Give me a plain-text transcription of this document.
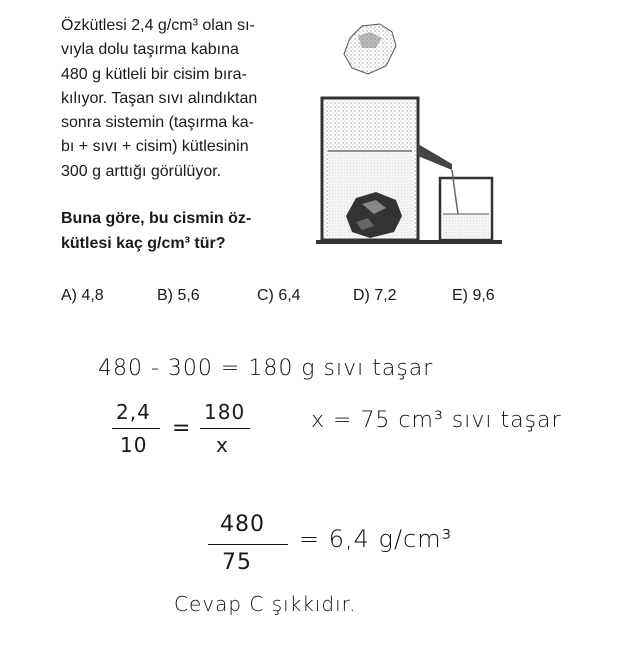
Özkütlesi 2,4 g/cm³ olan sı-
vıyla dolu taşırma kabına
480 g kütleli bir cisim bıra-
kılıyor. Taşan sıvı alındıktan
sonra sistemin (taşırma ka-
bı + sıvı + cisim) kütlesinin
300 g arttığı görülüyor.
Buna göre, bu cismin öz-
kütlesi kaç g/cm³ tür?
A) 4,8	B) 5,6	C) 6,4	D) 7,2	E) 9,6
480 - 300 = 180 g sıvı taşar
2,4
10
=
180
x
x = 75 cm³ sıvı taşar
480
75
= 6,4 g/cm³
Cevap C şıkkıdır.
